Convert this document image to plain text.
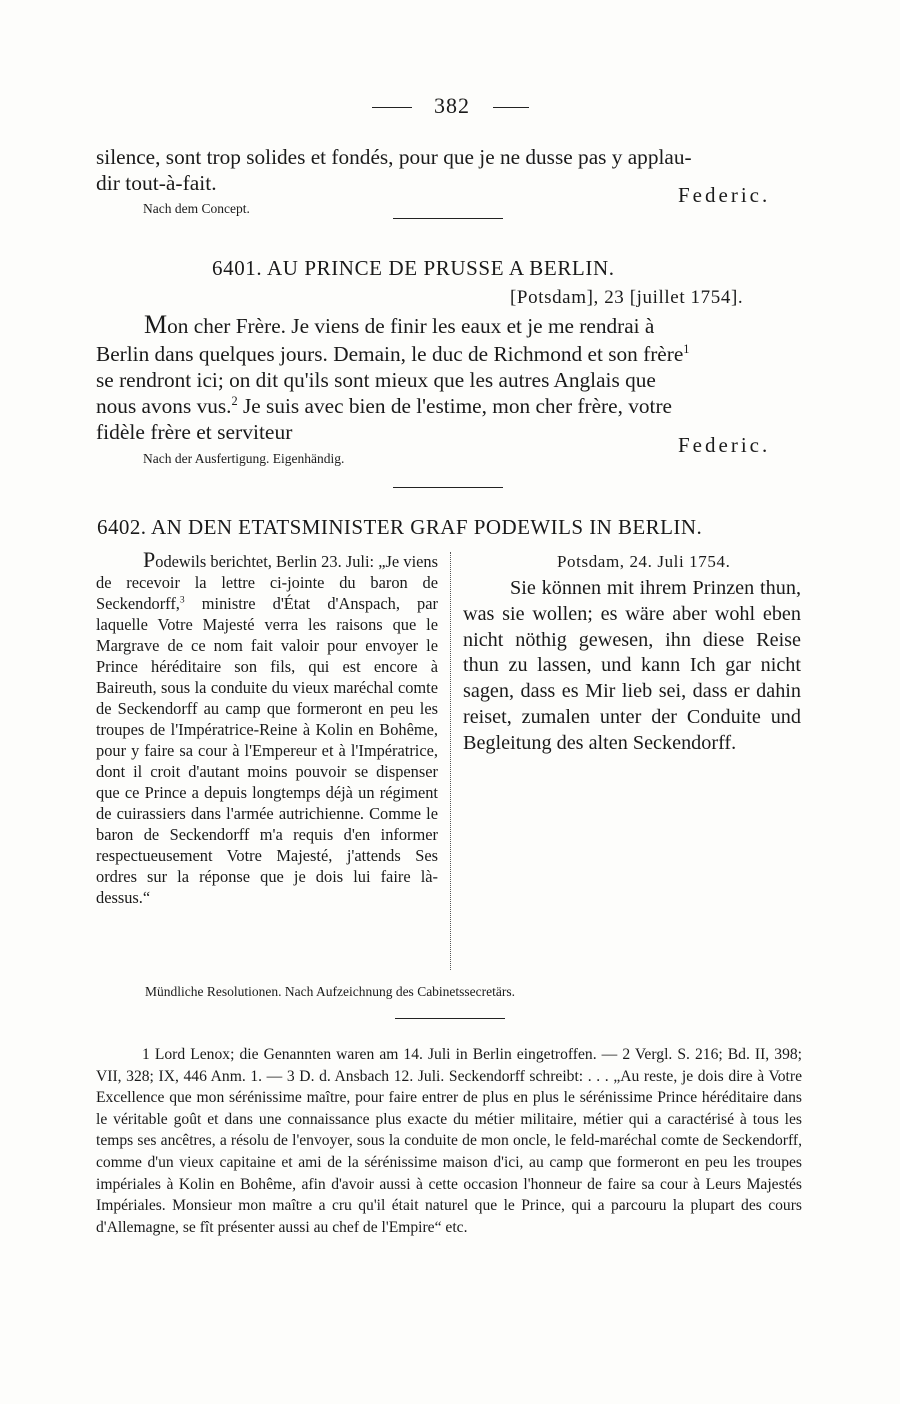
382
silence, sont trop solides et fondés, pour que je ne dusse pas y applau-
dir tout-à-fait.	Federic.
Nach dem Concept.
6401. AU PRINCE DE PRUSSE A BERLIN.
[Potsdam], 23 [juillet 1754].
Mon cher Frère. Je viens de finir les eaux et je me rendrai à
Berlin dans quelques jours. Demain, le duc de Richmond et son frère$^1$
se rendront ici; on dit qu'ils sont mieux que les autres Anglais que
nous avons vus.$^2$ Je suis avec bien de l'estime, mon cher frère, votre
fidèle frère et serviteur
Federic.
Nach der Ausfertigung. Eigenhändig.
6402. AN DEN ETATSMINISTER GRAF PODEWILS IN BERLIN.
Podewils berichtet, Berlin 23. Juli: „Je viens de recevoir la lettre ci-jointe du baron de Seckendorff,$^3$ ministre d'État d'Anspach, par laquelle Votre Majesté verra les raisons que le Margrave de ce nom fait valoir pour envoyer le Prince héréditaire son fils, qui est encore à Baireuth, sous la conduite du vieux maréchal comte de Seckendorff au camp que formeront en peu les troupes de l'Impératrice-Reine à Kolin en Bohême, pour y faire sa cour à l'Empereur et à l'Impératrice, dont il croit d'autant moins pouvoir se dispenser que ce Prince a depuis longtemps déjà un régiment de cuirassiers dans l'armée autrichienne. Comme le baron de Seckendorff m'a requis d'en informer respectueusement Votre Majesté, j'attends Ses ordres sur la réponse que je dois lui faire là-dessus.“
Potsdam, 24. Juli 1754.
Sie können mit ihrem Prinzen thun, was sie wollen; es wäre aber wohl eben nicht nöthig gewesen, ihn diese Reise thun zu lassen, und kann Ich gar nicht sagen, dass es Mir lieb sei, dass er dahin reiset, zumalen unter der Conduite und Begleitung des alten Seckendorff.
Mündliche Resolutionen. Nach Aufzeichnung des Cabinetssecretärs.
1 Lord Lenox; die Genannten waren am 14. Juli in Berlin eingetroffen. — 2 Vergl. S. 216; Bd. II, 398; VII, 328; IX, 446 Anm. 1. — 3 D. d. Ansbach 12. Juli. Seckendorff schreibt: . . . „Au reste, je dois dire à Votre Excellence que mon sérénissime maître, pour faire entrer de plus en plus le sérénissime Prince héréditaire dans le véritable goût et dans une connaissance plus exacte du métier militaire, métier qui a caractérisé à tous les temps ses ancêtres, a résolu de l'envoyer, sous la conduite de mon oncle, le feld-maréchal comte de Seckendorff, comme d'un vieux capitaine et ami de la sérénissime maison d'ici, au camp que formeront en peu les troupes impériales à Kolin en Bohême, afin d'avoir aussi à cette occasion l'honneur de faire sa cour à Leurs Majestés Impériales. Monsieur mon maître a cru qu'il était naturel que le Prince, qui a parcouru la plupart des cours d'Allemagne, se fît présenter aussi au chef de l'Empire“ etc.
